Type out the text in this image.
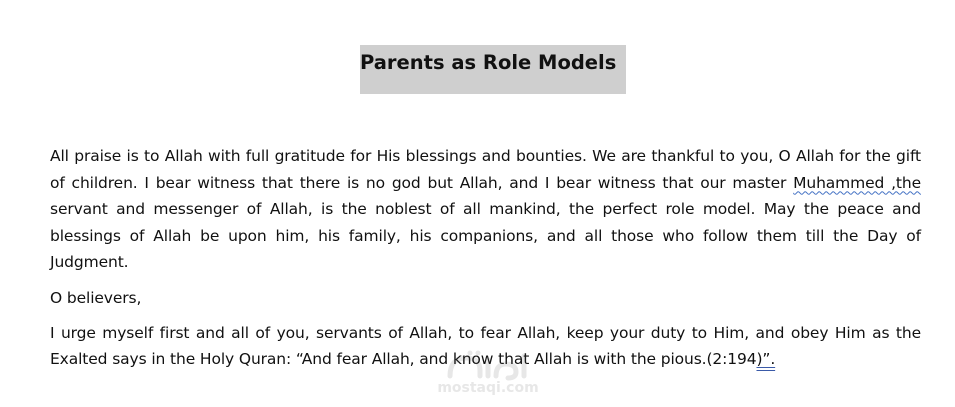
Parents as Role Models

All praise is to Allah with full gratitude for His blessings and bounties. We are thankful to you, O Allah for the gift of children. I bear witness that there is no god but Allah, and I bear witness that our master Muhammed ,the servant and messenger of Allah, is the noblest of all mankind, the perfect role model. May the peace and blessings of Allah be upon him, his family, his companions, and all those who follow them till the Day of Judgment.

O believers,

I urge myself first and all of you, servants of Allah, to fear Allah, keep your duty to Him, and obey Him as the Exalted says in the Holy Quran: “And fear Allah, and know that Allah is with the pious.(2:194)”.

mostaqi.com
